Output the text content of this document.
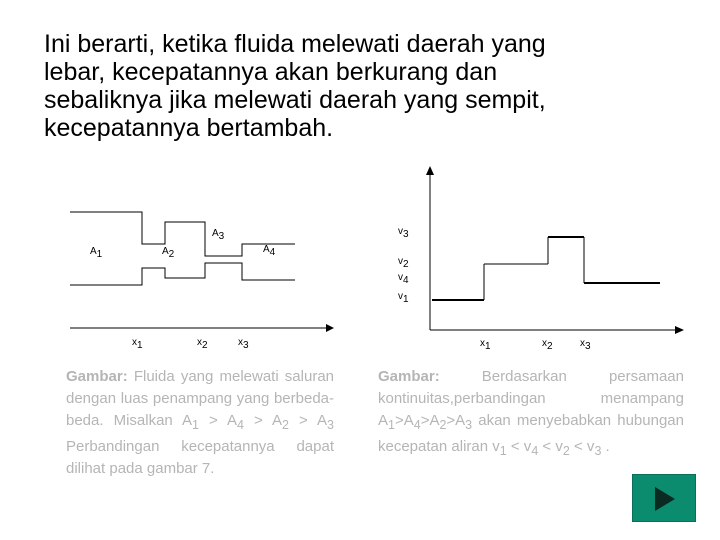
Ini berarti, ketika fluida melewati daerah yang

lebar, kecepatannya akan berkurang dan

sebaliknya jika melewati daerah yang sempit,

kecepatannya bertambah.

A1	A2
A3
A4
x1	x2	x3
v3
v2
v4
v1
x1	x2	x3
Gambar: Fluida yang melewati saluran dengan luas penampang yang berbeda-beda. Misalkan $A_1 > A_4 > A_2 > A_3$ Perbandingan kecepatannya dapat dilihat pada gambar 7.
Gambar: Berdasarkan persamaan kontinuitas,perbandingan menampang $A_1>A_4>A_2>A_3$ akan menyebabkan hubungan kecepatan aliran $v_1 < v_4 < v_2 < v_3$ .
